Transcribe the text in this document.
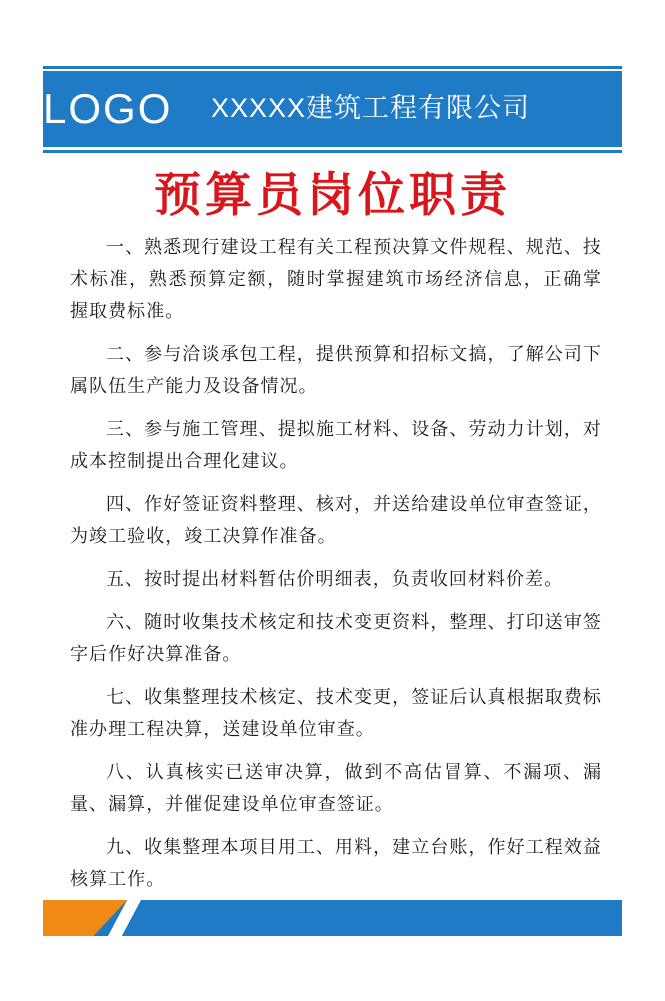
LOGO XXXXX建筑工程有限公司
预算员岗位职责

一、熟悉现行建设工程有关工程预决算文件规程、规范、技术标准，熟悉预算定额，随时掌握建筑市场经济信息，正确掌握取费标准。

二、参与洽谈承包工程，提供预算和招标文搞，了解公司下属队伍生产能力及设备情况。

三、参与施工管理、提拟施工材料、设备、劳动力计划，对成本控制提出合理化建议。

四、作好签证资料整理、核对，并送给建设单位审查签证，为竣工验收，竣工决算作准备。

五、按时提出材料暂估价明细表，负责收回材料价差。

六、随时收集技术核定和技术变更资料，整理、打印送审签字后作好决算准备。

七、收集整理技术核定、技术变更，签证后认真根据取费标准办理工程决算，送建设单位审查。

八、认真核实已送审决算，做到不高估冒算、不漏项、漏量、漏算，并催促建设单位审查签证。

九、收集整理本项目用工、用料，建立台账，作好工程效益核算工作。
